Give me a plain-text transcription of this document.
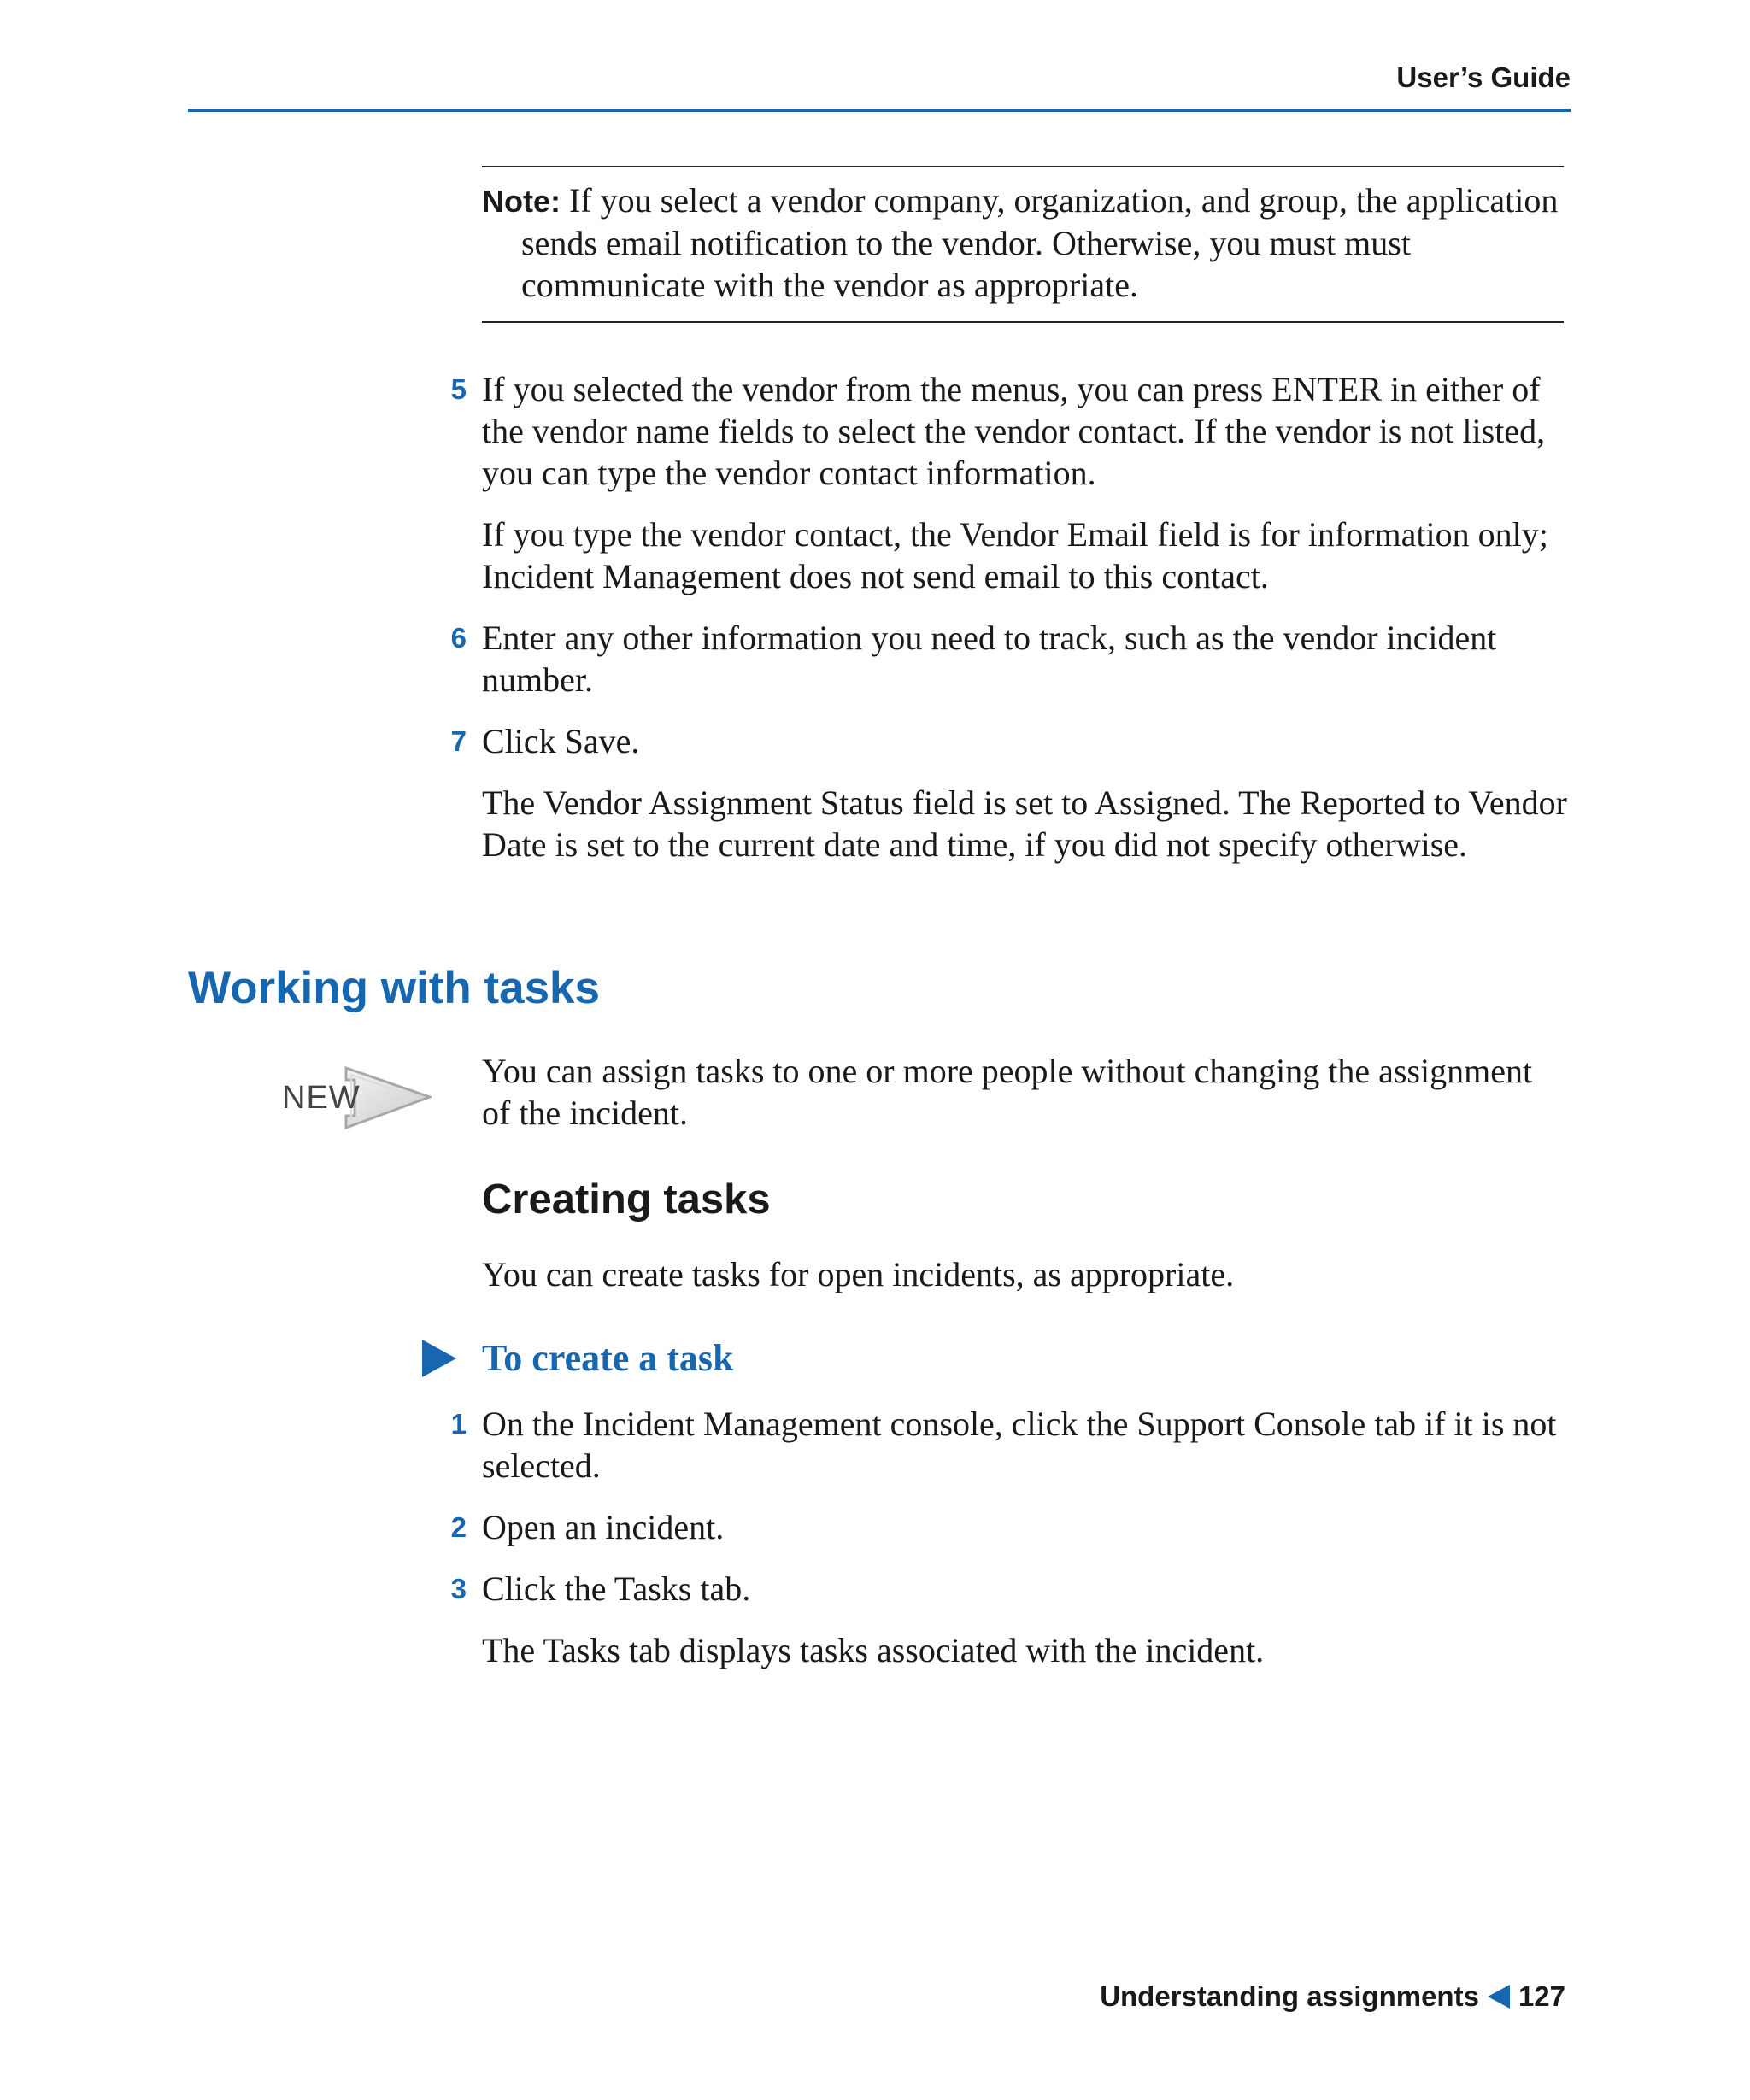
User’s Guide

Note: If you select a vendor company, organization, and group, the application sends email notification to the vendor. Otherwise, you must must communicate with the vendor as appropriate.

5 If you selected the vendor from the menus, you can press ENTER in either of the vendor name fields to select the vendor contact. If the vendor is not listed, you can type the vendor contact information.

If you type the vendor contact, the Vendor Email field is for information only; Incident Management does not send email to this contact.

6 Enter any other information you need to track, such as the vendor incident number.

7 Click Save.

The Vendor Assignment Status field is set to Assigned. The Reported to Vendor Date is set to the current date and time, if you did not specify otherwise.

Working with tasks
NEW

You can assign tasks to one or more people without changing the assignment of the incident.

Creating tasks

You can create tasks for open incidents, as appropriate.

To create a task
1 On the Incident Management console, click the Support Console tab if it is not selected.

2 Open an incident.

3 Click the Tasks tab.

The Tasks tab displays tasks associated with the incident.

Understanding assignments 127
